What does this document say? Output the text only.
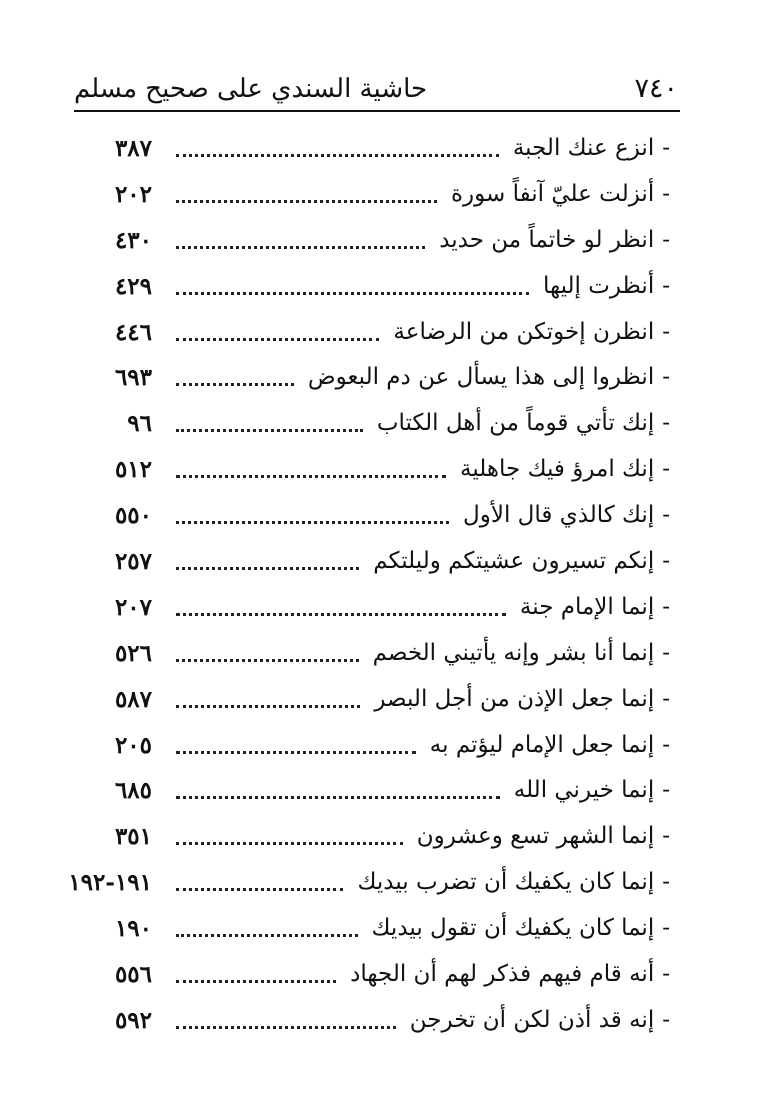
حاشية السندي على صحيح مسلم	٧٤٠
٣٨٧	-انزع عنك الجبة
٢٠٢	-أنزلت عليّ آنفاً سورة
٤٣٠	-انظر لو خاتماً من حديد
٤٢٩	-أنظرت إليها
٤٤٦	-انظرن إخوتكن من الرضاعة
٦٩٣	-انظروا إلى هذا يسأل عن دم البعوض
٩٦	-إنك تأتي قوماً من أهل الكتاب
٥١٢	-إنك امرؤ فيك جاهلية
٥٥٠	-إنك كالذي قال الأول
٢٥٧	-إنكم تسيرون عشيتكم وليلتكم
٢٠٧	-إنما الإمام جنة
٥٢٦	-إنما أنا بشر وإنه يأتيني الخصم
٥٨٧	-إنما جعل الإذن من أجل البصر
٢٠٥	-إنما جعل الإمام ليؤتم به
٦٨٥	-إنما خيرني الله
٣٥١	-إنما الشهر تسع وعشرون
١٩١-١٩٢	-إنما كان يكفيك أن تضرب بيديك
١٩٠	-إنما كان يكفيك أن تقول بيديك
٥٥٦	-أنه قام فيهم فذكر لهم أن الجهاد
٥٩٢	-إنه قد أذن لكن أن تخرجن
